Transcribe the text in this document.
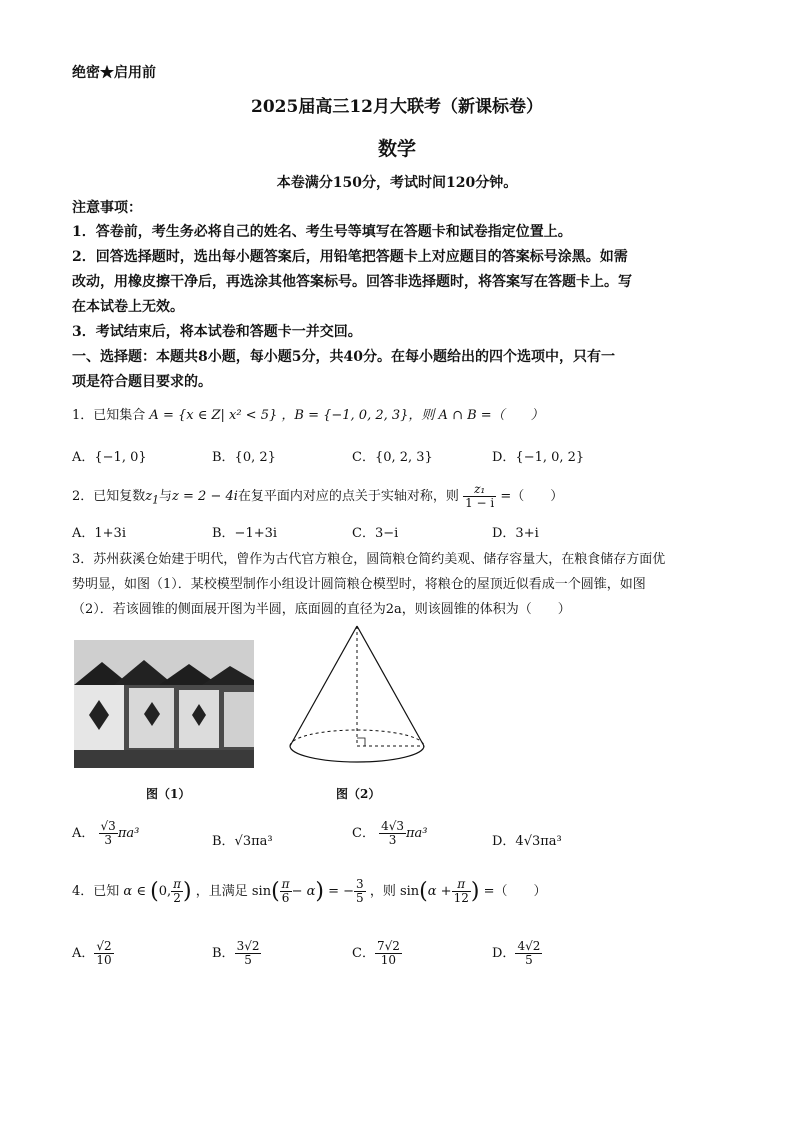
绝密★启用前
2025届高三12月大联考（新课标卷）
数学
本卷满分150分，考试时间120分钟。
注意事项：
1．答卷前，考生务必将自己的姓名、考生号等填写在答题卡和试卷指定位置上。
2．回答选择题时，选出每小题答案后，用铅笔把答题卡上对应题目的答案标号涂黑。如需
改动，用橡皮擦干净后，再选涂其他答案标号。回答非选择题时，将答案写在答题卡上。写
在本试卷上无效。
3．考试结束后，将本试卷和答题卡一并交回。
一、选择题：本题共8小题，每小题5分，共40分。在每小题给出的四个选项中，只有一
项是符合题目要求的。
1．已知集合 A = {x ∈ Z| x² < 5} ，B = {−1, 0, 2, 3}，则 A ∩ B =（　　）
A．{−1, 0}	B．{0, 2}	C．{0, 2, 3}	D．{−1, 0, 2}
2．已知复数$z_1$与z = 2 − 4i在复平面内对应的点关于实轴对称，则 $\frac{\text{z₁}}{1 - i}$ =（　　）
A．1+3i	B．−1+3i	C．3−i	D．3+i
3．苏州荻溪仓始建于明代，曾作为古代官方粮仓，圆筒粮仓简约美观、储存容量大，在粮食储存方面优
势明显，如图（1）．某校模型制作小组设计圆筒粮仓模型时，将粮仓的屋顶近似看成一个圆锥，如图
（2）．若该圆锥的侧面展开图为半圆，底面圆的直径为2a，则该圆锥的体积为（　　）
图（1）	图（2）
A． $\frac{√3}{3} \pi a^3$
B．√3πa³
C． $\frac{4√3}{3} \pi a^3$
D．4√3πa³
4．已知 α ∈ (0, $\frac{\pi}{2}$ ) ，且满足 $\sin( \frac{\pi}{6} - \alpha)$ = − $\frac{3}{5}$ ，则 $\sin(\alpha + \frac{\pi}{12}$ ) =（　　）
A． $\frac{√2}{10}$	B． $\frac{3√2}{5}$	C． $\frac{7√2}{10}$	D． $\frac{4√2}{5}$
